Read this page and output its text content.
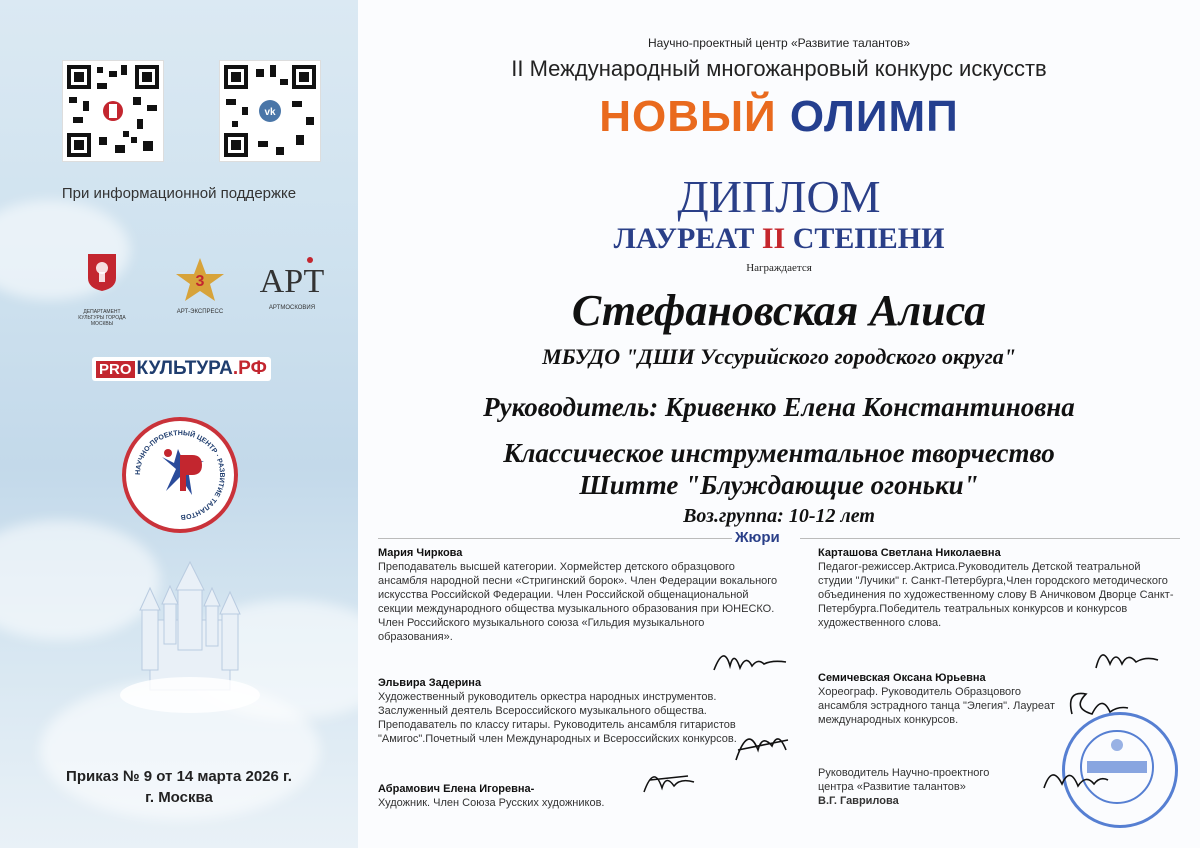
vk
При информационной поддержке
ДЕПАРТАМЕНТ КУЛЬТУРЫ ГОРОДА МОСКВЫ
3
АРТ-ЭКСПРЕСС
АРТ
АРТМОСКОВИЯ
PRO КУЛЬТУРА .РФ
НАУЧНО-ПРОЕКТНЫЙ ЦЕНТР · РАЗВИТИЕ ТАЛАНТОВ
Приказ № 9 от 14 марта 2026 г.
г. Москва
Научно-проектный центр «Развитие талантов»
II Международный многожанровый конкурс искусств
НОВЫЙ ОЛИМП
ДИПЛОМ
ЛАУРЕАТ II СТЕПЕНИ
Награждается
Стефановская Алиса
МБУДО "ДШИ Уссурийского городского округа"
Руководитель: Кривенко Елена Константиновна
Классическое инструментальное творчество
Шитте "Блуждающие огоньки"
Воз.группа: 10-12 лет
Жюри
Мария Чиркова
Преподаватель высшей категории. Хормейстер детского образцового ансамбля народной песни «Стригинский борок». Член Федерации вокального искусства Российской Федерации. Член Российской общенациональной секции международного общества музыкального образования при ЮНЕСКО. Член Российского музыкального союза «Гильдия музыкального образования».
Эльвира Задерина
Художественный руководитель оркестра народных инструментов. Заслуженный деятель Всероссийского музыкального общества. Преподаватель по классу гитары. Руководитель ансамбля гитаристов "Амигос".Почетный член Международных и Всероссийских конкурсов.
Абрамович Елена Игоревна-
Художник. Член Союза Русских художников.
Карташова Светлана Николаевна
Педагог-режиссер.Актриса.Руководитель Детской театральной студии "Лучики" г. Санкт-Петербурга,Член городского методического объединения по художественному слову В Аничковом Дворце Санкт-Петербурга.Победитель театральных конкурсов и конкурсов художественного слова.
Семичевская Оксана Юрьевна
Хореограф. Руководитель Образцового ансамбля эстрадного танца "Элегия". Лауреат международных конкурсов.
Руководитель Научно-проектного
центра «Развитие талантов»
В.Г. Гаврилова
